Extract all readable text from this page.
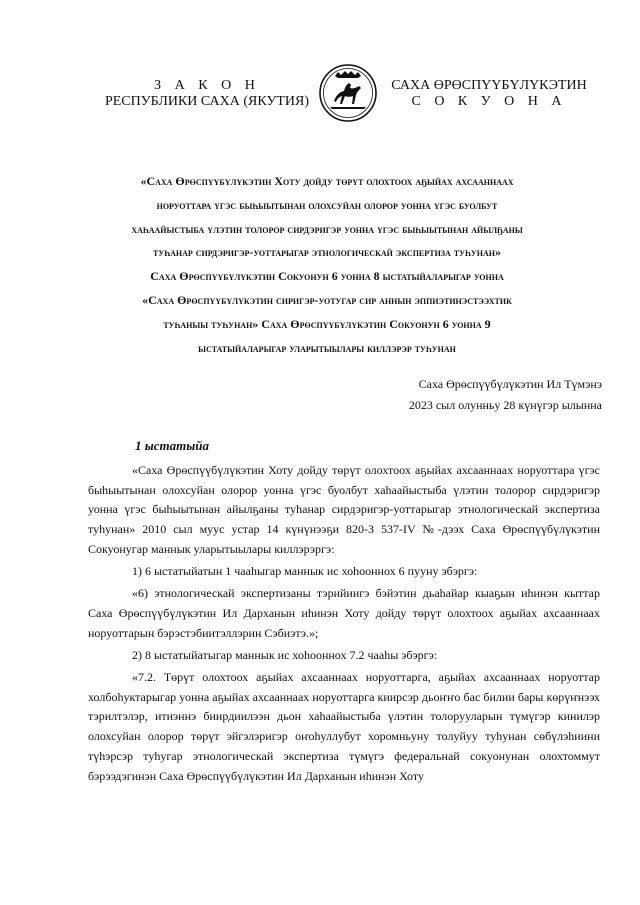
З А К О Н
РЕСПУБЛИКИ САХА (ЯКУТИЯ)
САХА ӨРӨСПҮҮБҮЛҮКЭТИН
С О К У О Н А

«Саха Өрөспүүбүлүкэтин Хоту дойду төрүт олохтоох аҕыйах ахсааннаах

норуоттара үгэс быһыытынан олохсуйан олорор уонна үгэс буолбут

хаһаайыстыба үлэтин толорор сирдэригэр уонна үгэс быһыытынан айылҕаны

туһанар сирдэригэр-уоттарыгар этнологическай экспертиза туһунан»

Саха Өрөспүүбүлүкэтин Сокуонун 6 уонна 8 ыстатыйаларыгар уонна

«Саха Өрөспүүбүлүкэтин сиригэр-уотугар сир аннын эппиэтинэстээхтик

туһаныы туһунан» Саха Өрөспүүбүлүкэтин Сокуонун 6 уонна 9

ыстатыйаларыгар уларытыылары киллэрэр туһунан

Саха Өрөспүүбүлүкэтин Ил Түмэнэ

2023 сыл олунньу 28 күнүгэр ылынна

1 ыстатыйа

«Саха Өрөспүүбүлүкэтин Хоту дойду төрүт олохтоох аҕыйах ахсааннаах норуоттара үгэс быһыытынан олохсуйан олорор уонна үгэс буолбут хаһаайыстыба үлэтин толорор сирдэригэр уонна үгэс быһыытынан айылҕаны туһанар сирдэригэр-уоттарыгар этнологическай экспертиза туһунан» 2010 сыл муус устар 14 күнүнээҕи 820-З 537-IV №-дээх Саха Өрөспүүбүлүкэтин Сокуонугар маннык уларытыылары киллэрэргэ:

1) 6 ыстатыйатын 1 чааһыгар маннык ис хоһооннох 6 пууну эбэргэ:

«6) этнологическай экспертизаны тэрийиигэ бэйэтин дьаһайар кыаҕын иһинэн кыттар Саха Өрөспүүбүлүкэтин Ил Дарханын иһинэн Хоту дойду төрүт олохтоох аҕыйах ахсааннаах норуоттарын бэрэстэбиитэллэрин Сэбиэтэ.»;

2) 8 ыстатыйатыгар маннык ис хоһооннох 7.2 чааһы эбэргэ:

«7.2. Төрүт олохтоох аҕыйах ахсааннаах норуоттарга, аҕыйах ахсааннаах норуоттар холбоһуктарыгар уонна аҕыйах ахсааннаах норуоттарга киирсэр дьоҥҥо бас билии бары көрүҥнээх тэрилтэлэр, итиэннэ биирдиилээн дьон хаһаайыстыба үлэтин толорууларын түмүгэр кинилэр олохсуйан олорор төрүт эйгэлэригэр оҥоһуллубут хоромньуну толуйуу туһунан сөбүлэһиини түһэрсэр туһугар этнологическай экспертиза түмүгэ федеральнай сокуонунан олохтоммут бэрээдэгинэн Саха Өрөспүүбүлүкэтин Ил Дарханын иһинэн Хоту
